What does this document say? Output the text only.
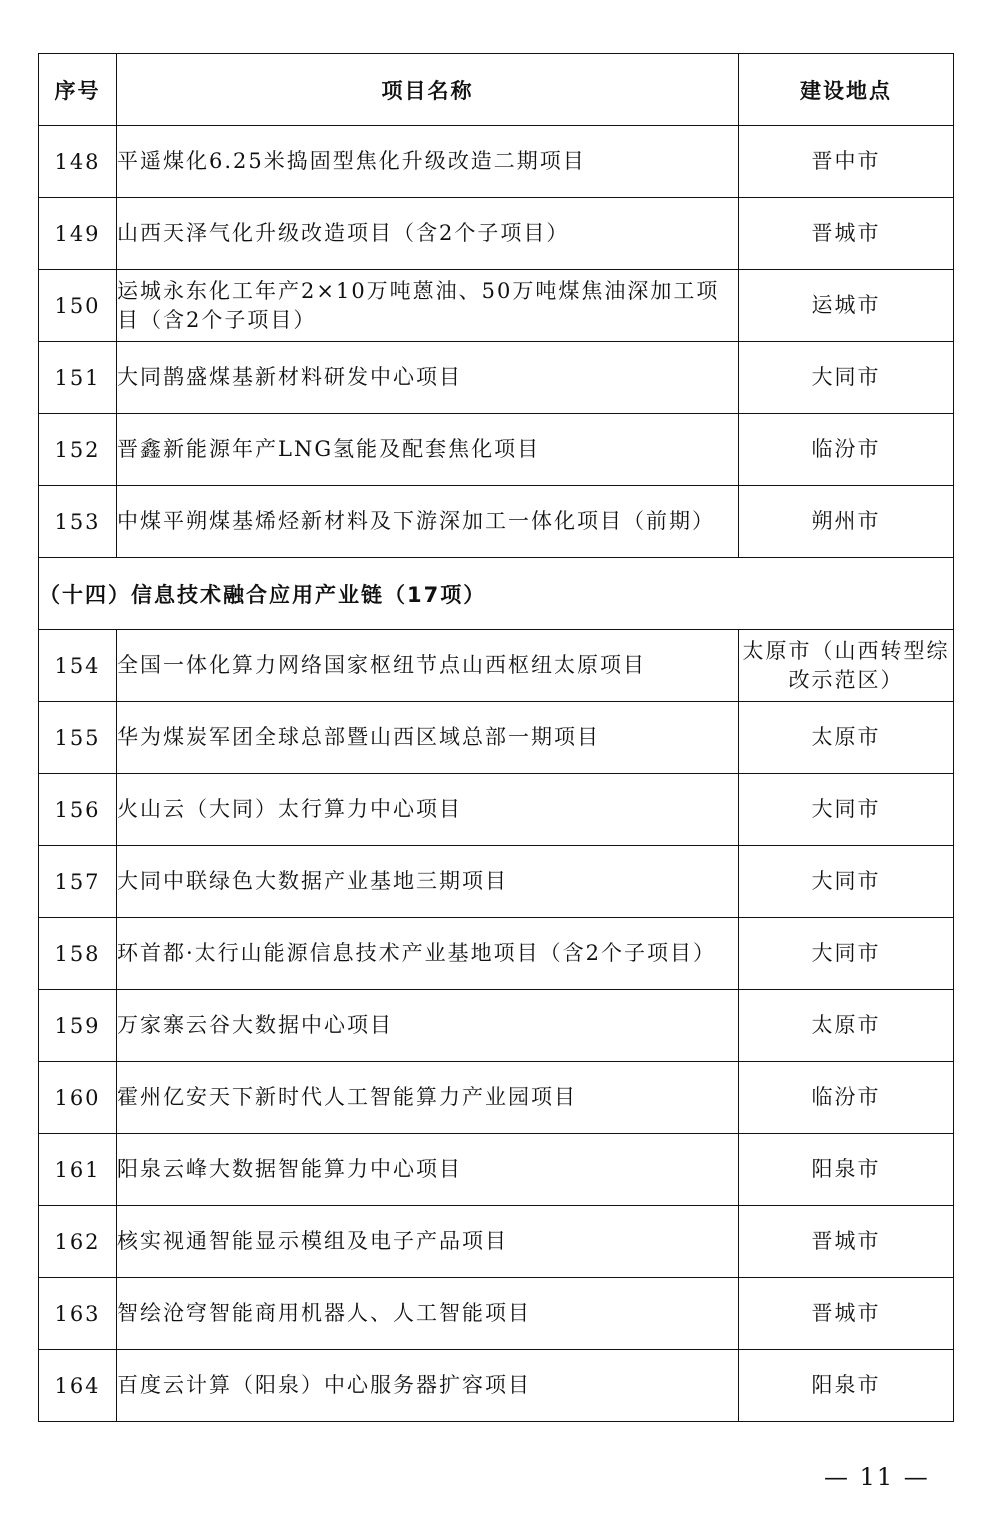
序号	项目名称	建设地点
148	平遥煤化6.25米捣固型焦化升级改造二期项目	晋中市
149	山西天泽气化升级改造项目（含2个子项目）	晋城市
150	运城永东化工年产2×10万吨蒽油、50万吨煤焦油深加工项目（含2个子项目）	运城市
151	大同鹊盛煤基新材料研发中心项目	大同市
152	晋鑫新能源年产LNG氢能及配套焦化项目	临汾市
153	中煤平朔煤基烯烃新材料及下游深加工一体化项目（前期）	朔州市
（十四）信息技术融合应用产业链（17项）		
154	全国一体化算力网络国家枢纽节点山西枢纽太原项目	太原市（山西转型综改示范区）
155	华为煤炭军团全球总部暨山西区域总部一期项目	太原市
156	火山云（大同）太行算力中心项目	大同市
157	大同中联绿色大数据产业基地三期项目	大同市
158	环首都·太行山能源信息技术产业基地项目（含2个子项目）	大同市
159	万家寨云谷大数据中心项目	太原市
160	霍州亿安天下新时代人工智能算力产业园项目	临汾市
161	阳泉云峰大数据智能算力中心项目	阳泉市
162	核实视通智能显示模组及电子产品项目	晋城市
163	智绘沧穹智能商用机器人、人工智能项目	晋城市
164	百度云计算（阳泉）中心服务器扩容项目	阳泉市
— 11 —
